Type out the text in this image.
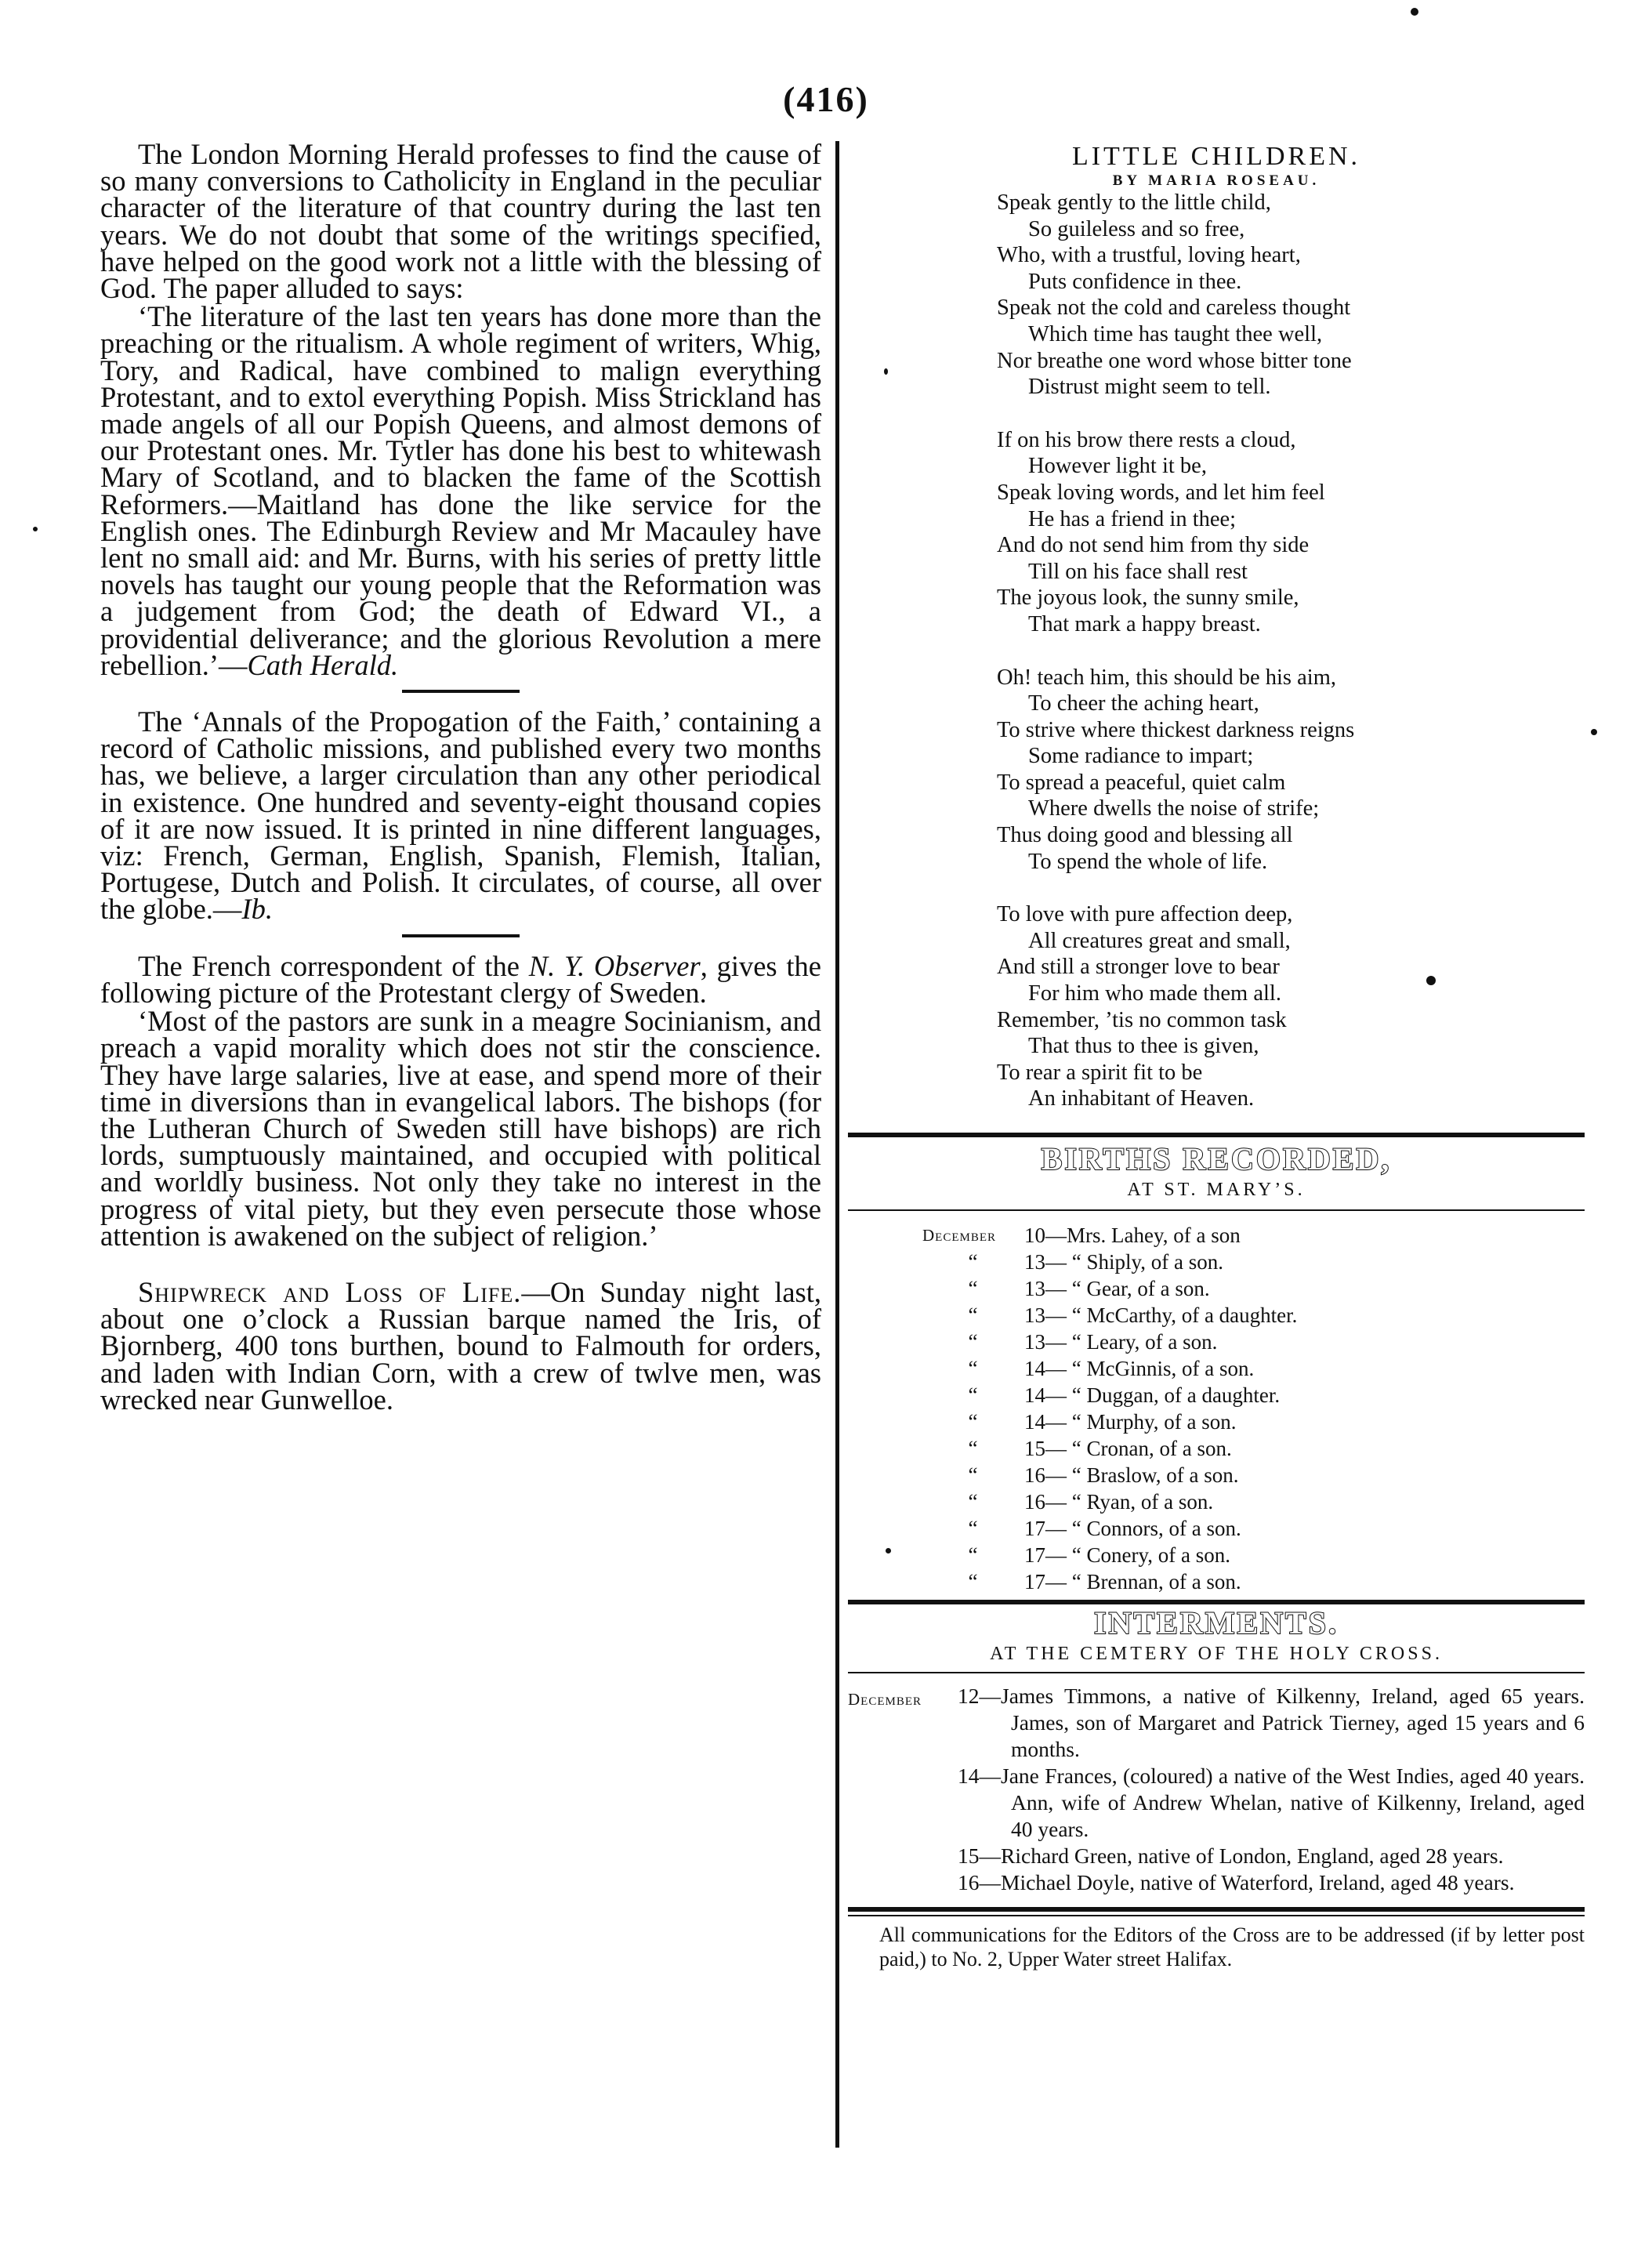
(416)

The London Morning Herald professes to find the cause of so many conversions to Catholicity in England in the peculiar character of the literature of that country during the last ten years. We do not doubt that some of the writings specified, have helped on the good work not a little with the blessing of God. The paper alluded to says:

‘The literature of the last ten years has done more than the preaching or the ritualism. A whole regiment of writers, Whig, Tory, and Radical, have combined to malign everything Protestant, and to extol everything Popish. Miss Strickland has made angels of all our Popish Queens, and almost demons of our Protestant ones. Mr. Tytler has done his best to whitewash Mary of Scotland, and to blacken the fame of the Scottish Reformers.—Maitland has done the like service for the English ones. The Edinburgh Review and Mr Macauley have lent no small aid: and Mr. Burns, with his series of pretty little novels has taught our young people that the Reformation was a judgement from God; the death of Edward VI., a providential deliverance; and the glorious Revolution a mere rebellion.’—Cath Herald.

The ‘Annals of the Propogation of the Faith,’ containing a record of Catholic missions, and published every two months has, we believe, a larger circulation than any other periodical in existence. One hundred and seventy-eight thousand copies of it are now issued. It is printed in nine different languages, viz: French, German, English, Spanish, Flemish, Italian, Portugese, Dutch and Polish. It circulates, of course, all over the globe.—Ib.

The French correspondent of the N. Y. Observer, gives the following picture of the Protestant clergy of Sweden.

‘Most of the pastors are sunk in a meagre Socinianism, and preach a vapid morality which does not stir the conscience. They have large salaries, live at ease, and spend more of their time in diversions than in evangelical labors. The bishops (for the Lutheran Church of Sweden still have bishops) are rich lords, sumptuously maintained, and occupied with political and worldly business. Not only they take no interest in the progress of vital piety, but they even persecute those whose attention is awakened on the subject of religion.’

Shipwreck and Loss of Life.—On Sunday night last, about one o’clock a Russian barque named the Iris, of Bjornberg, 400 tons burthen, bound to Falmouth for orders, and laden with Indian Corn, with a crew of twlve men, was wrecked near Gunwelloe.

LITTLE CHILDREN.
BY MARIA ROSEAU.
Speak gently to the little child,
So guileless and so free,
Who, with a trustful, loving heart,
Puts confidence in thee.
Speak not the cold and careless thought
Which time has taught thee well,
Nor breathe one word whose bitter tone
Distrust might seem to tell.
If on his brow there rests a cloud,
However light it be,
Speak loving words, and let him feel
He has a friend in thee;
And do not send him from thy side
Till on his face shall rest
The joyous look, the sunny smile,
That mark a happy breast.
Oh! teach him, this should be his aim,
To cheer the aching heart,
To strive where thickest darkness reigns
Some radiance to impart;
To spread a peaceful, quiet calm
Where dwells the noise of strife;
Thus doing good and blessing all
To spend the whole of life.
To love with pure affection deep,
All creatures great and small,
And still a stronger love to bear
For him who made them all.
Remember, ’tis no common task
That thus to thee is given,
To rear a spirit fit to be
An inhabitant of Heaven.
BIRTHS RECORDED,
AT ST. MARY’S.
December	10—Mrs. Lahey, of a son
“	13— “ Shiply, of a son.
“	13— “ Gear, of a son.
“	13— “ McCarthy, of a daughter.
“	13— “ Leary, of a son.
“	14— “ McGinnis, of a son.
“	14— “ Duggan, of a daughter.
“	14— “ Murphy, of a son.
“	15— “ Cronan, of a son.
“	16— “ Braslow, of a son.
“	16— “ Ryan, of a son.
“	17— “ Connors, of a son.
“	17— “ Conery, of a son.
“	17— “ Brennan, of a son.
INTERMENTS.
AT THE CEMTERY OF THE HOLY CROSS.
December	12—James Timmons, a native of Kilkenny, Ireland, aged 65 years. James, son of Margaret and Patrick Tierney, aged 15 years and 6 months.
14—Jane Frances, (coloured) a native of the West Indies, aged 40 years. Ann, wife of Andrew Whelan, native of Kilkenny, Ireland, aged 40 years.
15—Richard Green, native of London, England, aged 28 years.
16—Michael Doyle, native of Waterford, Ireland, aged 48 years.
All communications for the Editors of the Cross are to be addressed (if by letter post paid,) to No. 2, Upper Water street Halifax.
